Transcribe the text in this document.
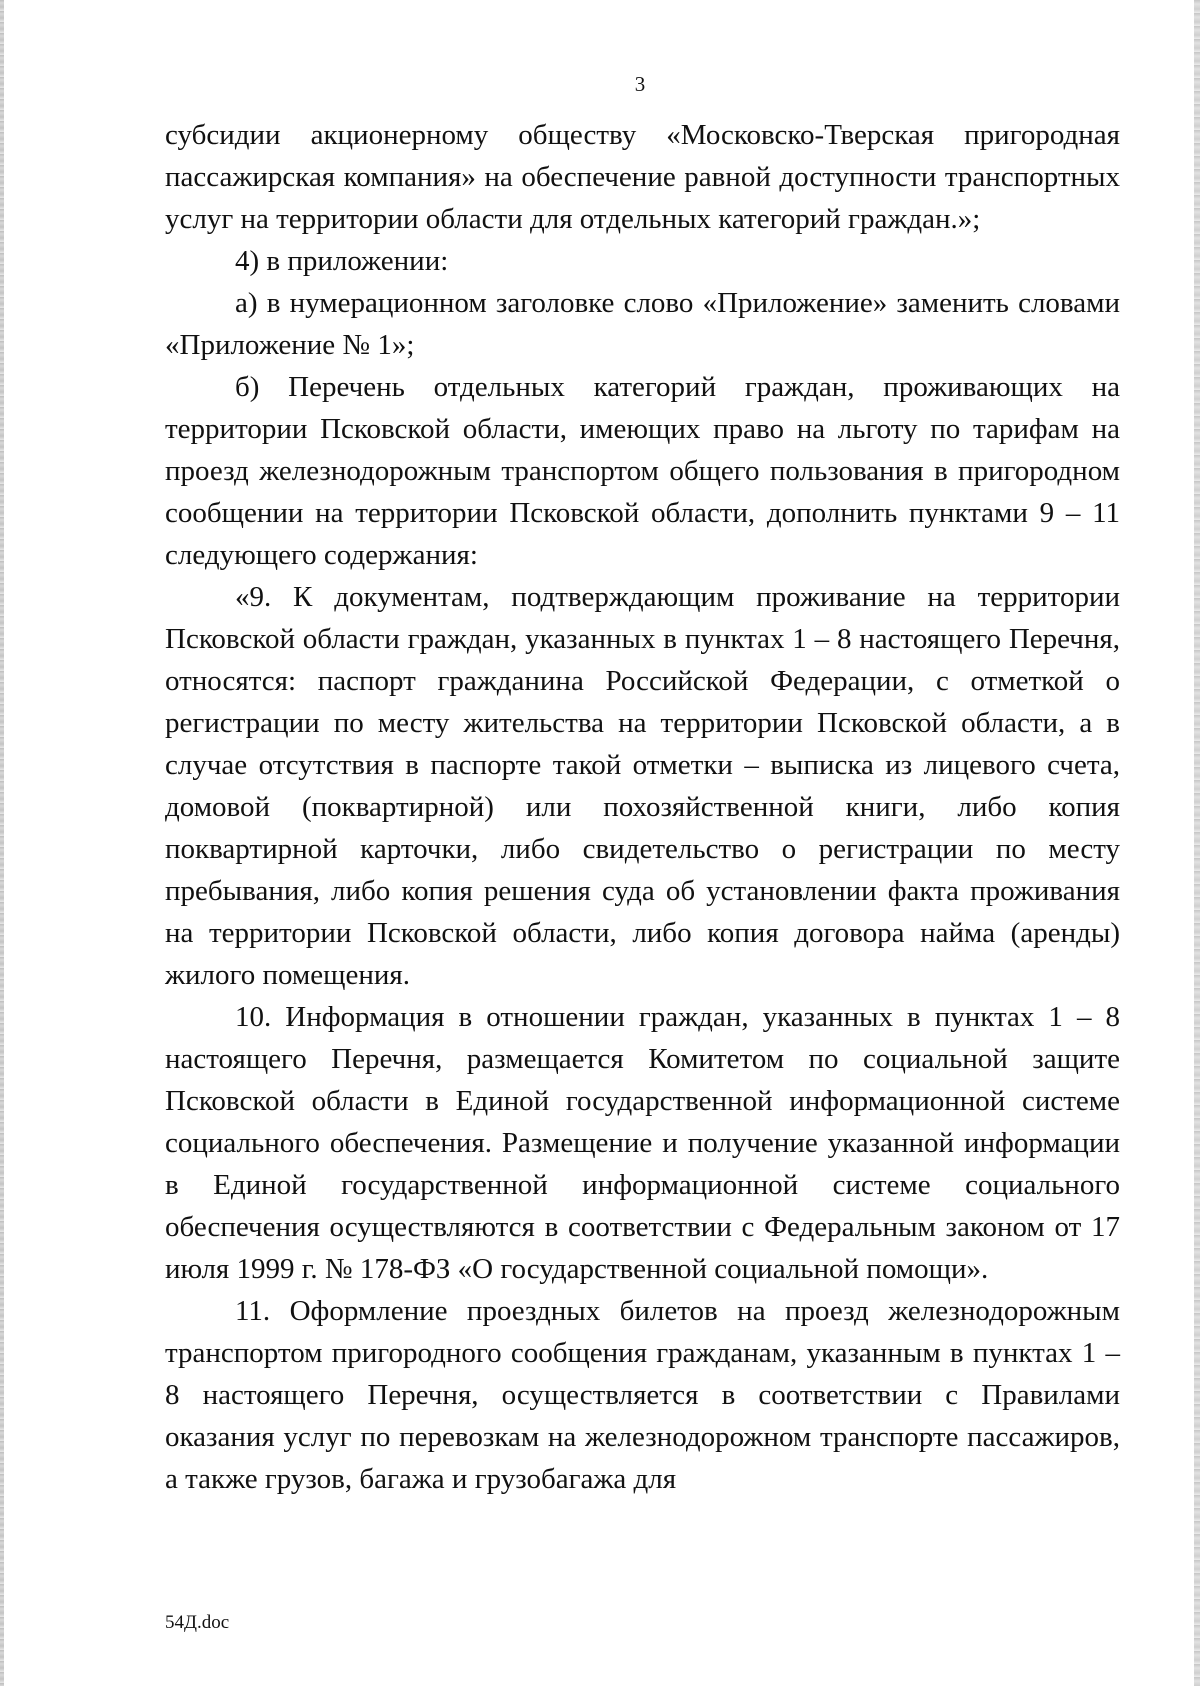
3

субсидии акционерному обществу «Московско-Тверская пригородная пассажирская компания» на обеспечение равной доступности транспортных услуг на территории области для отдельных категорий граждан.»;

4) в приложении:

а) в нумерационном заголовке слово «Приложение» заменить словами «Приложение № 1»;

б) Перечень отдельных категорий граждан, проживающих на территории Псковской области, имеющих право на льготу по тарифам на проезд железнодорожным транспортом общего пользования в пригородном сообщении на территории Псковской области, дополнить пунктами 9 – 11 следующего содержания:

«9. К документам, подтверждающим проживание на территории Псковской области граждан, указанных в пунктах 1 – 8 настоящего Перечня, относятся: паспорт гражданина Российской Федерации, с отметкой о регистрации по месту жительства на территории Псковской области, а в случае отсутствия в паспорте такой отметки – выписка из лицевого счета, домовой (поквартирной) или похозяйственной книги, либо копия поквартирной карточки, либо свидетельство о регистрации по месту пребывания, либо копия решения суда об установлении факта проживания на территории Псковской области, либо копия договора найма (аренды) жилого помещения.

10. Информация в отношении граждан, указанных в пунктах 1 – 8 настоящего Перечня, размещается Комитетом по социальной защите Псковской области в Единой государственной информационной системе социального обеспечения. Размещение и получение указанной информации в Единой государственной информационной системе социального обеспечения осуществляются в соответствии с Федеральным законом от 17 июля 1999 г. № 178-ФЗ «О государственной социальной помощи».

11. Оформление проездных билетов на проезд железнодорожным транспортом пригородного сообщения гражданам, указанным в пунктах 1 – 8 настоящего Перечня, осуществляется в соответствии с Правилами оказания услуг по перевозкам на железнодорожном транспорте пассажиров, а также грузов, багажа и грузобагажа для

54Д.doc
